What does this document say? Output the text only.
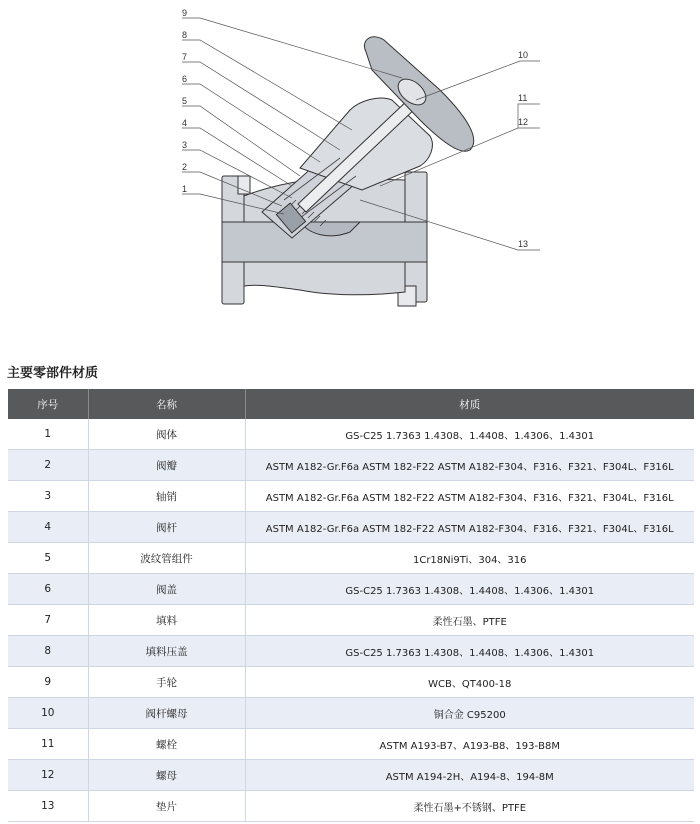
9
8
7
6
5
4
3
2
1
10
11
12
13
主要零部件材质
序号	名称	材质
1	阀体	GS-C25 1.7363 1.4308、1.4408、1.4306、1.4301
2	阀瓣	ASTM A182-Gr.F6a ASTM 182-F22 ASTM A182-F304、F316、F321、F304L、F316L
3	轴销	ASTM A182-Gr.F6a ASTM 182-F22 ASTM A182-F304、F316、F321、F304L、F316L
4	阀杆	ASTM A182-Gr.F6a ASTM 182-F22 ASTM A182-F304、F316、F321、F304L、F316L
5	波纹管组件	1Cr18Ni9Ti、304、316
6	阀盖	GS-C25 1.7363 1.4308、1.4408、1.4306、1.4301
7	填料	柔性石墨、PTFE
8	填料压盖	GS-C25 1.7363 1.4308、1.4408、1.4306、1.4301
9	手轮	WCB、QT400-18
10	阀杆螺母	铜合金 C95200
11	螺栓	ASTM A193-B7、A193-B8、193-B8M
12	螺母	ASTM A194-2H、A194-8、194-8M
13	垫片	柔性石墨+不锈钢、PTFE
